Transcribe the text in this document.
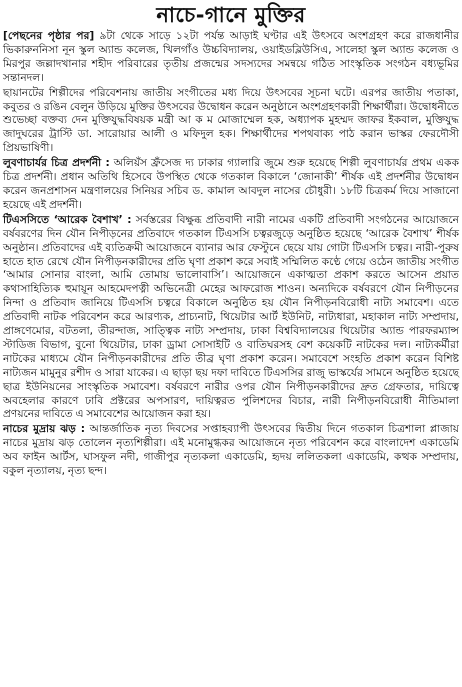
নাচে-গানে মুক্তির

[পেছনের পৃষ্ঠার পর] ৯টা থেকে সাড়ে ১২টা পর্যন্ত আড়াই ঘণ্টার এই উৎসবে অংশগ্রহণ করে রাজধানীর ভিকারুননিসা নূন স্কুল অ্যান্ড কলেজ, খিলগাঁও উচ্চবিদ্যালয়, ওয়াইডব্লিউসিএ, সালেহা স্কুল অ্যান্ড কলেজ ও মিরপুর জল্লাদখানার শহীদ পরিবারের তৃতীয় প্রজন্মের সদস্যদের সমন্বয়ে গঠিত সাংস্কৃতিক সংগঠন বধ্যভূমির সন্তানদল।

ছায়ানটের শিল্পীদের পরিবেশনায় জাতীয় সংগীতের মধ্য দিয়ে উৎসবের সূচনা ঘটে। এরপর জাতীয় পতাকা, কবুতর ও রঙিন বেলুন উড়িয়ে মুক্তির উৎসবের উদ্বোধন করেন অনুষ্ঠানে অংশগ্রহণকারী শিক্ষার্থীরা। উদ্বোধনীতে শুভেচ্ছা বক্তব্য দেন মুক্তিযুদ্ধবিষয়ক মন্ত্রী আ ক ম মোজাম্মেল হক, অধ্যাপক মুহম্মদ জাফর ইকবাল, মুক্তিযুদ্ধ জাদুঘরের ট্রাস্টি ডা. সারোয়ার আলী ও মফিদুল হক। শিক্ষার্থীদের শপথবাক্য পাঠ করান ভাস্কর ফেরদৌসী প্রিয়ভাষিণী।

লুবণাচার্যর চিত্র প্রদর্শনী : অলিয়ঁস ফ্রঁসেজ দ্য ঢাকার গ্যালারি জুমে শুরু হয়েছে শিল্পী লুবণাচার্যর প্রথম একক চিত্র প্রদর্শনী। প্রধান অতিথি হিসেবে উপস্থিত থেকে গতকাল বিকালে ‘জোনাকী’ শীর্ষক এই প্রদর্শনীর উদ্বোধন করেন জনপ্রশাসন মন্ত্রণালয়ের সিনিয়র সচিব ড. কামাল আবদুল নাসের চৌধুরী। ১৮টি চিত্রকর্ম দিয়ে সাজানো হয়েছে এই প্রদর্শনী।

টিএসসিতে ‘আরেক বৈশাখ’ : সর্বস্তরের বিক্ষুব্ধ প্রতিবাদী নারী নামের একটি প্রতিবাদী সংগঠনের আয়োজনে বর্ষবরণের দিন যৌন নিপীড়নের প্রতিবাদে গতকাল টিএসসি চত্বরজুড়ে অনুষ্ঠিত হয়েছে ‘আরেক বৈশাখ’ শীর্ষক অনুষ্ঠান। প্রতিবাদের এই ব্যতিক্রমী আয়োজনে ব্যানার আর ফেস্টুনে ছেয়ে যায় গোটা টিএসসি চত্বর। নারী-পুরুষ হাতে হাত রেখে যৌন নিপীড়নকারীদের প্রতি ঘৃণা প্রকাশ করে সবাই সম্মিলিত কণ্ঠে গেয়ে ওঠেন জাতীয় সংগীত ‘আমার সোনার বাংলা, আমি তোমায় ভালোবাসি’। আয়োজনে একাত্মতা প্রকাশ করতে আসেন প্রয়াত কথাসাহিত্যিক হুমায়ূন আহমেদপত্নী অভিনেত্রী মেহের আফরোজ শাওন। অন্যদিকে বর্ষবরণে যৌন নিপীড়নের নিন্দা ও প্রতিবাদ জানিয়ে টিএসসি চত্বরে বিকালে অনুষ্ঠিত হয় যৌন নিপীড়নবিরোধী নাট্য সমাবেশ। এতে প্রতিবাদী নাটক পরিবেশন করে আরণ্যক, প্রাচ্যনাট, থিয়েটার আর্ট ইউনিট, নাট্যধারা, মহাকাল নাট্য সম্প্রদায়, প্রাঙ্গণেমোর, বটতলা, তীরন্দাজ, সাত্ত্বিক নাট্য সম্প্রদায়, ঢাকা বিশ্ববিদ্যালয়ের থিয়েটার অ্যান্ড পারফরম্যান্স স্টাডিজ বিভাগ, বুনো থিয়েটার, ঢাকা ড্রামা সোসাইটি ও বাতিঘরসহ বেশ কয়েকটি নাটকের দল। নাট্যকর্মীরা নাটকের মাধ্যমে যৌন নিপীড়নকারীদের প্রতি তীব্র ঘৃণা প্রকাশ করেন। সমাবেশে সংহতি প্রকাশ করেন বিশিষ্ট নাট্যজন মামুনুর রশীদ ও সারা যাকের। এ ছাড়া ছয় দফা দাবিতে টিএসসির রাজু ভাস্কর্যের সামনে অনুষ্ঠিত হয়েছে ছাত্র ইউনিয়নের সাংস্কৃতিক সমাবেশ। বর্ষবরণে নারীর ওপর যৌন নিপীড়নকারীদের দ্রুত গ্রেফতার, দায়িত্বে অবহেলার কারণে ঢাবি প্রক্টরের অপসারণ, দায়িত্বরত পুলিশদের বিচার, নারী নিপীড়নবিরোধী নীতিমালা প্রণয়নের দাবিতে এ সমাবেশের আয়োজন করা হয়।

নাচের মুদ্রায় ঝড় : আন্তর্জাতিক নৃত্য দিবসের সপ্তাহব্যাপী উৎসবের দ্বিতীয় দিনে গতকাল চিত্রশালা প্লাজায় নাচের মুদ্রায় ঝড় তোলেন নৃত্যশিল্পীরা। এই মনোমুগ্ধকর আয়োজনে নৃত্য পরিবেশন করে বাংলাদেশ একাডেমি অব ফাইন আর্টস, ঘাসফুল নদী, গাজীপুর নৃত্যকলা একাডেমি, হৃদয় ললিতকলা একাডেমি, কত্থক সম্প্রদায়, বকুল নৃত্যালয়, নৃত্য ছন্দ।
